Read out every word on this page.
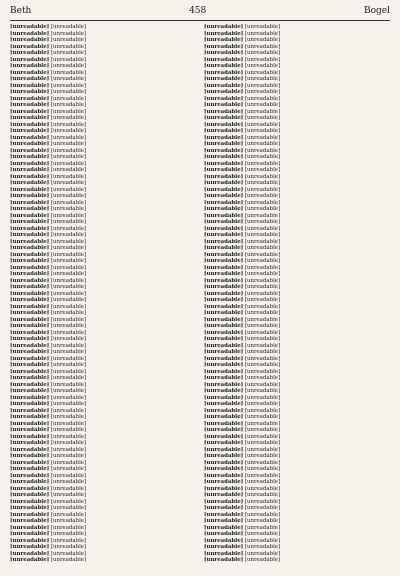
Beth	458	Bogel

[unreadable] [unreadable]

[unreadable] [unreadable]

[unreadable] [unreadable]

[unreadable] [unreadable]

[unreadable] [unreadable]

[unreadable] [unreadable]

[unreadable] [unreadable]

[unreadable] [unreadable]

[unreadable] [unreadable]

[unreadable] [unreadable]

[unreadable] [unreadable]

[unreadable] [unreadable]

[unreadable] [unreadable]

[unreadable] [unreadable]

[unreadable] [unreadable]

[unreadable] [unreadable]

[unreadable] [unreadable]

[unreadable] [unreadable]

[unreadable] [unreadable]

[unreadable] [unreadable]

[unreadable] [unreadable]

[unreadable] [unreadable]

[unreadable] [unreadable]

[unreadable] [unreadable]

[unreadable] [unreadable]

[unreadable] [unreadable]

[unreadable] [unreadable]

[unreadable] [unreadable]

[unreadable] [unreadable]

[unreadable] [unreadable]

[unreadable] [unreadable]

[unreadable] [unreadable]

[unreadable] [unreadable]

[unreadable] [unreadable]

[unreadable] [unreadable]

[unreadable] [unreadable]

[unreadable] [unreadable]

[unreadable] [unreadable]

[unreadable] [unreadable]

[unreadable] [unreadable]

[unreadable] [unreadable]

[unreadable] [unreadable]

[unreadable] [unreadable]

[unreadable] [unreadable]

[unreadable] [unreadable]

[unreadable] [unreadable]

[unreadable] [unreadable]

[unreadable] [unreadable]

[unreadable] [unreadable]

[unreadable] [unreadable]

[unreadable] [unreadable]

[unreadable] [unreadable]

[unreadable] [unreadable]

[unreadable] [unreadable]

[unreadable] [unreadable]

[unreadable] [unreadable]

[unreadable] [unreadable]

[unreadable] [unreadable]

[unreadable] [unreadable]

[unreadable] [unreadable]

[unreadable] [unreadable]

[unreadable] [unreadable]

[unreadable] [unreadable]

[unreadable] [unreadable]

[unreadable] [unreadable]

[unreadable] [unreadable]

[unreadable] [unreadable]

[unreadable] [unreadable]

[unreadable] [unreadable]

[unreadable] [unreadable]

[unreadable] [unreadable]

[unreadable] [unreadable]

[unreadable] [unreadable]

[unreadable] [unreadable]

[unreadable] [unreadable]

[unreadable] [unreadable]

[unreadable] [unreadable]

[unreadable] [unreadable]

[unreadable] [unreadable]

[unreadable] [unreadable]

[unreadable] [unreadable]

[unreadable] [unreadable]

[unreadable] [unreadable]

[unreadable] [unreadable]

[unreadable] [unreadable]

[unreadable] [unreadable]

[unreadable] [unreadable]

[unreadable] [unreadable]

[unreadable] [unreadable]

[unreadable] [unreadable]

[unreadable] [unreadable]

[unreadable] [unreadable]

[unreadable] [unreadable]

[unreadable] [unreadable]

[unreadable] [unreadable]

[unreadable] [unreadable]

[unreadable] [unreadable]

[unreadable] [unreadable]

[unreadable] [unreadable]

[unreadable] [unreadable]

[unreadable] [unreadable]

[unreadable] [unreadable]

[unreadable] [unreadable]

[unreadable] [unreadable]

[unreadable] [unreadable]

[unreadable] [unreadable]

[unreadable] [unreadable]

[unreadable] [unreadable]

[unreadable] [unreadable]

[unreadable] [unreadable]

[unreadable] [unreadable]

[unreadable] [unreadable]

[unreadable] [unreadable]

[unreadable] [unreadable]

[unreadable] [unreadable]

[unreadable] [unreadable]

[unreadable] [unreadable]

[unreadable] [unreadable]

[unreadable] [unreadable]

[unreadable] [unreadable]

[unreadable] [unreadable]

[unreadable] [unreadable]

[unreadable] [unreadable]

[unreadable] [unreadable]

[unreadable] [unreadable]

[unreadable] [unreadable]

[unreadable] [unreadable]

[unreadable] [unreadable]

[unreadable] [unreadable]

[unreadable] [unreadable]

[unreadable] [unreadable]

[unreadable] [unreadable]

[unreadable] [unreadable]

[unreadable] [unreadable]

[unreadable] [unreadable]

[unreadable] [unreadable]

[unreadable] [unreadable]

[unreadable] [unreadable]

[unreadable] [unreadable]

[unreadable] [unreadable]

[unreadable] [unreadable]

[unreadable] [unreadable]

[unreadable] [unreadable]

[unreadable] [unreadable]

[unreadable] [unreadable]

[unreadable] [unreadable]

[unreadable] [unreadable]

[unreadable] [unreadable]

[unreadable] [unreadable]

[unreadable] [unreadable]

[unreadable] [unreadable]

[unreadable] [unreadable]

[unreadable] [unreadable]

[unreadable] [unreadable]

[unreadable] [unreadable]

[unreadable] [unreadable]

[unreadable] [unreadable]

[unreadable] [unreadable]

[unreadable] [unreadable]

[unreadable] [unreadable]

[unreadable] [unreadable]

[unreadable] [unreadable]

[unreadable] [unreadable]

[unreadable] [unreadable]

[unreadable] [unreadable]

[unreadable] [unreadable]
